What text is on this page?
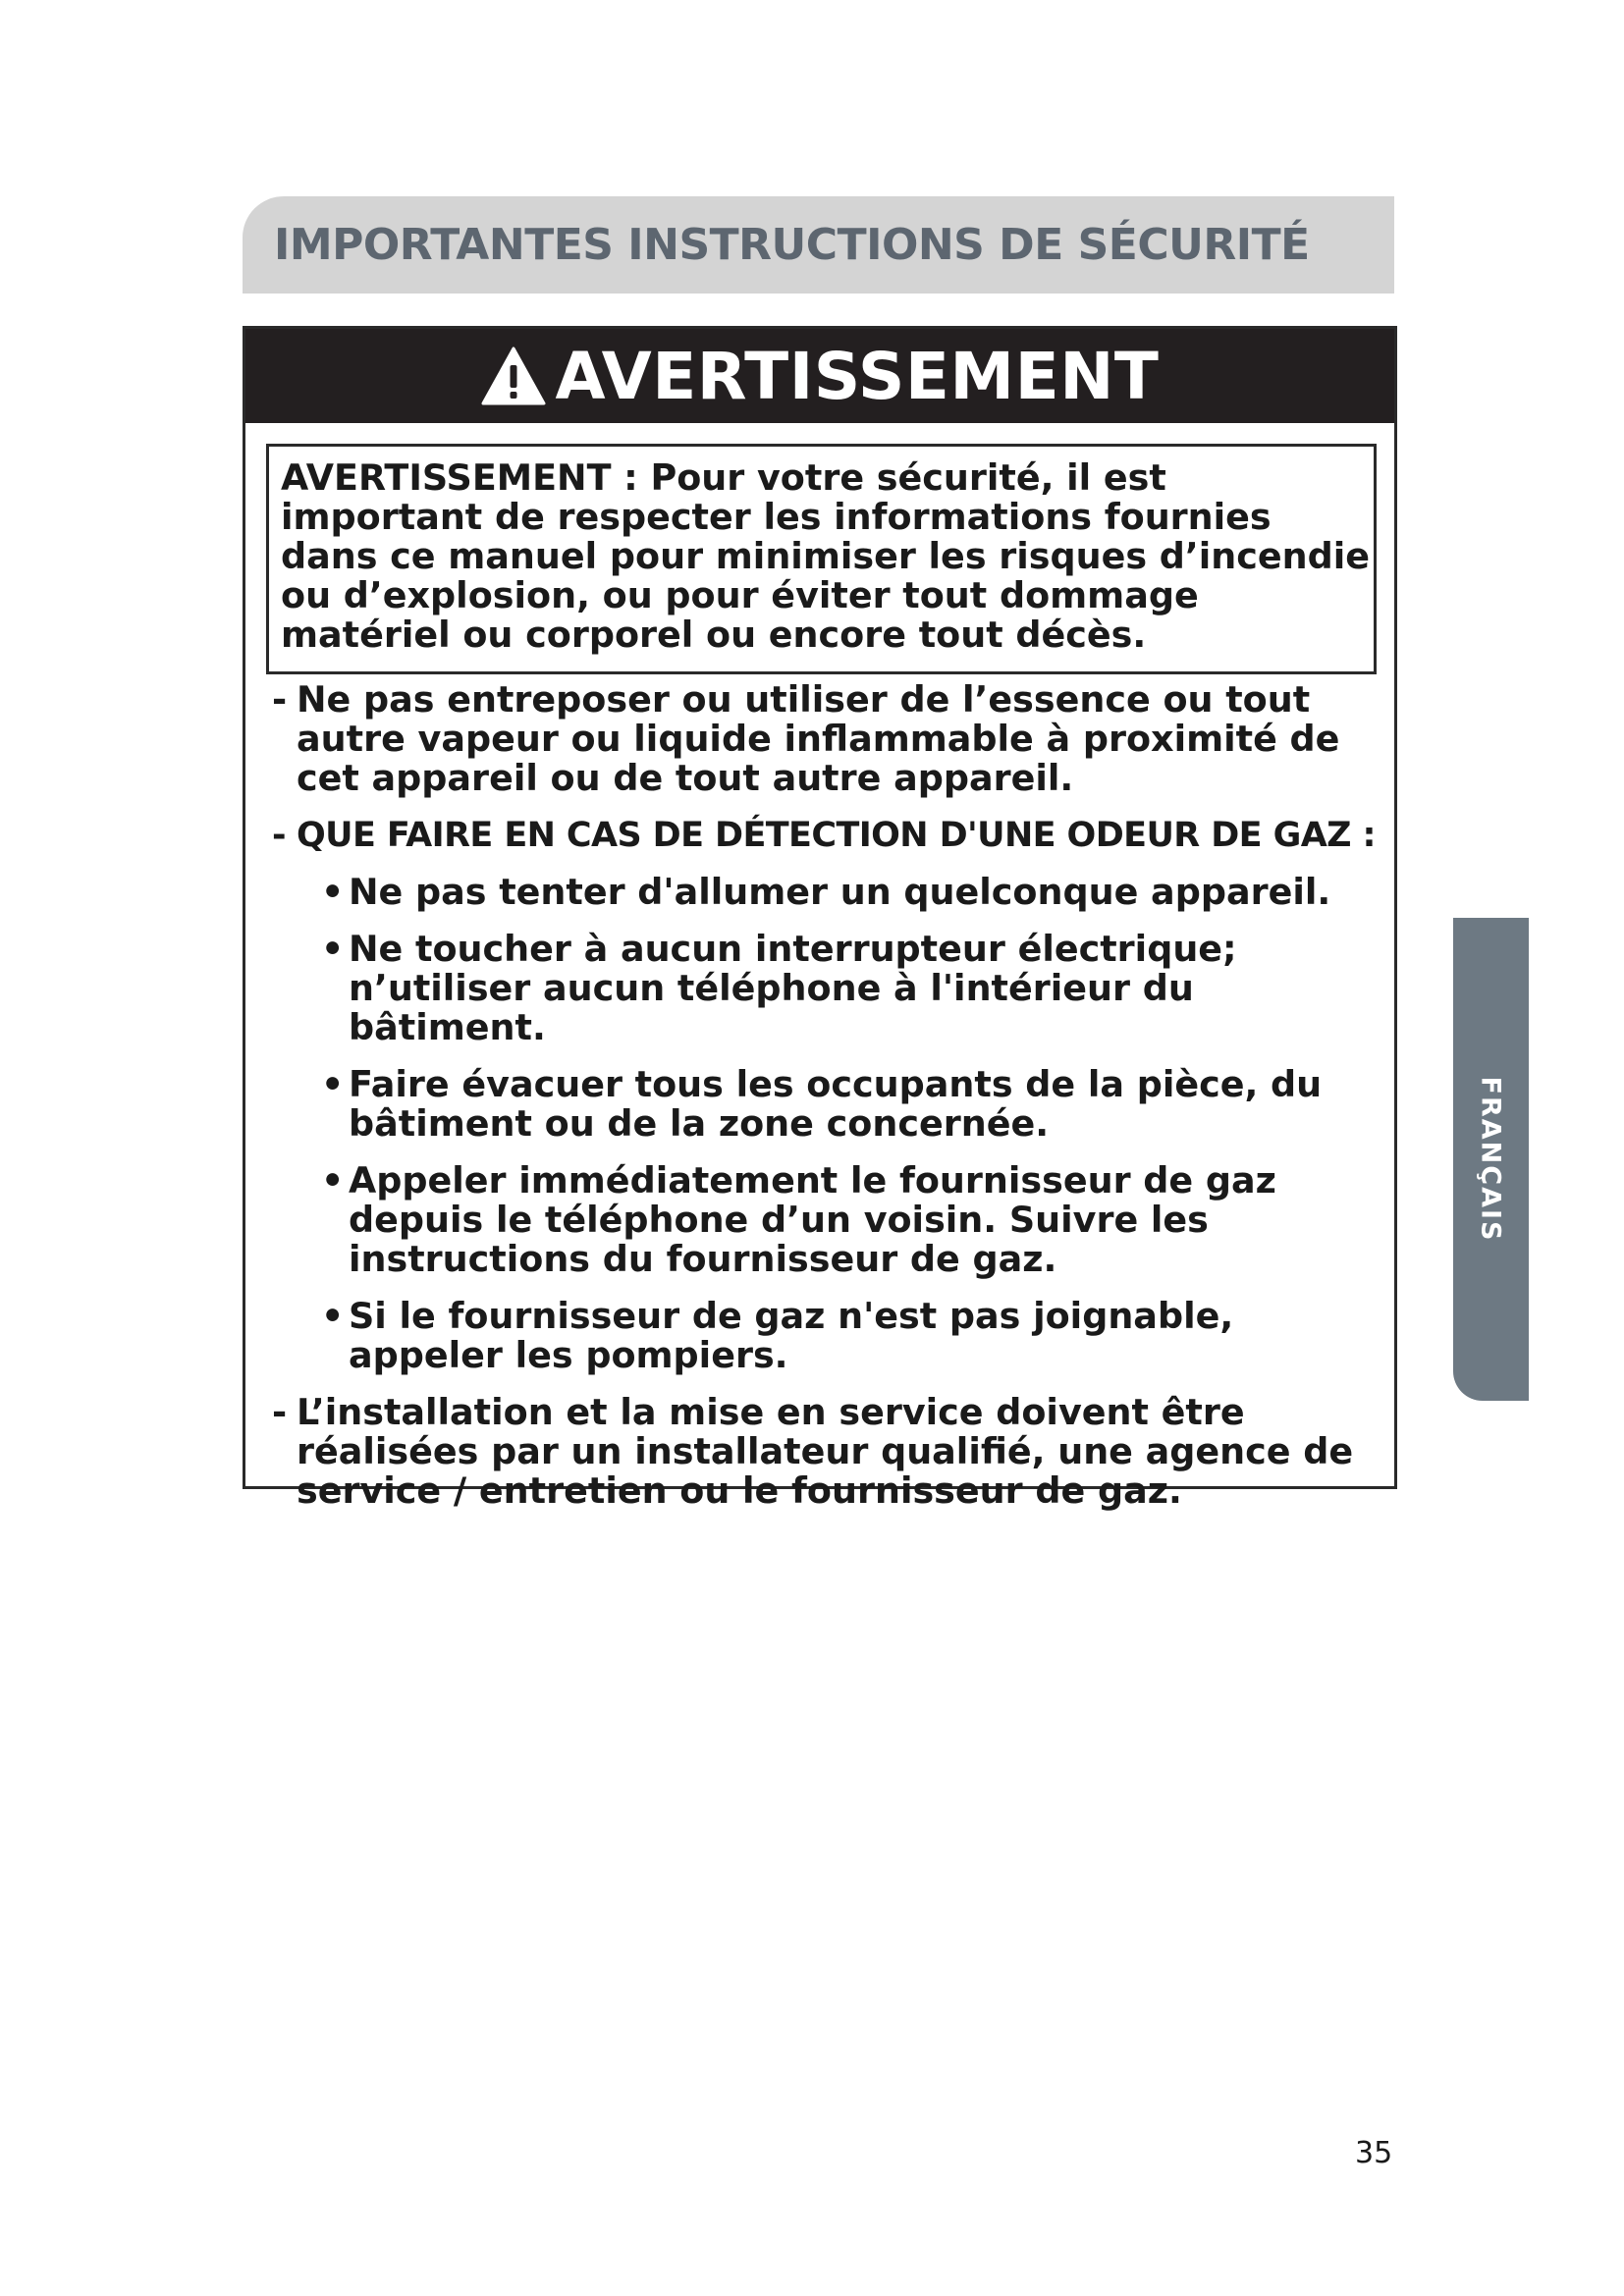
IMPORTANTES INSTRUCTIONS DE SÉCURITÉ
AVERTISSEMENT

AVERTISSEMENT : Pour votre sécurité, il est important de respecter les informations fournies dans ce manuel pour minimiser les risques d’incendie ou d’explosion, ou pour éviter tout dommage matériel ou corporel ou encore tout décès.

- Ne pas entreposer ou utiliser de l’essence ou tout autre vapeur ou liquide inflammable à proximité de cet appareil ou de tout autre appareil.
- QUE FAIRE EN CAS DE DÉTECTION D'UNE ODEUR DE GAZ :
• Ne pas tenter d'allumer un quelconque appareil.
• Ne toucher à aucun interrupteur électrique; n’utiliser aucun téléphone à l'intérieur du bâtiment.
• Faire évacuer tous les occupants de la pièce, du bâtiment ou de la zone concernée.
• Appeler immédiatement le fournisseur de gaz depuis le téléphone d’un voisin. Suivre les instructions du fournisseur de gaz.
• Si le fournisseur de gaz n'est pas joignable, appeler les pompiers.
- L’installation et la mise en service doivent être réalisées par un installateur qualifié, une agence de service / entretien ou le fournisseur de gaz.
FRANÇAIS
35
